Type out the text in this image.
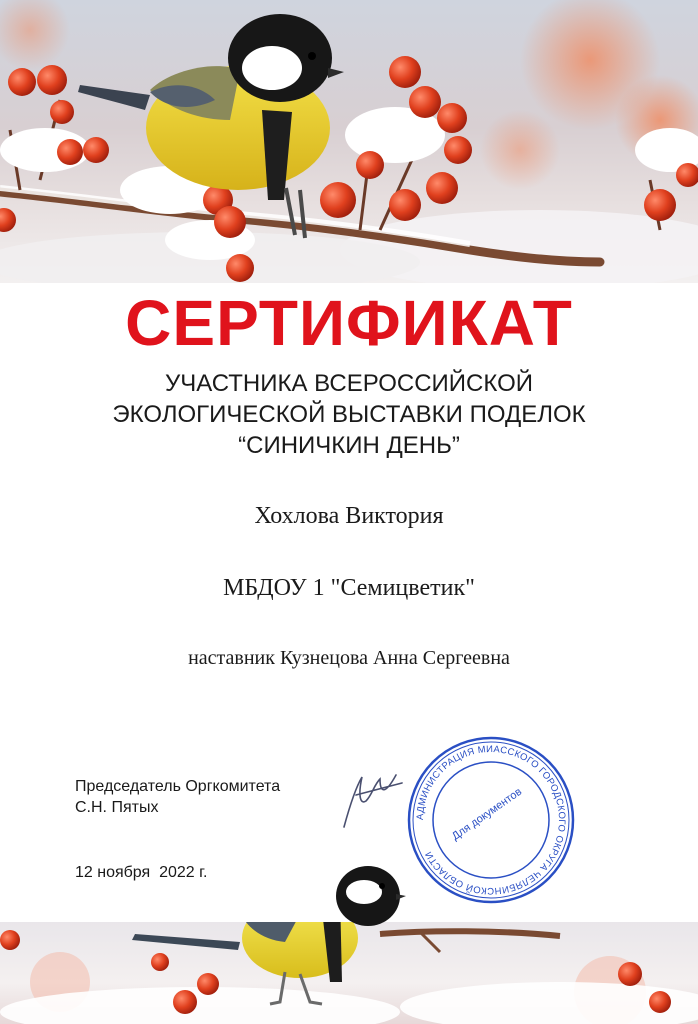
СЕРТИФИКАТ
УЧАСТНИКА ВСЕРОССИЙСКОЙ
ЭКОЛОГИЧЕСКОЙ ВЫСТАВКИ ПОДЕЛОК
“СИНИЧКИН ДЕНЬ”
Хохлова Виктория
МБДОУ 1 "Семицветик"
наставник Кузнецова Анна Сергеевна
Председатель Оргкомитета
С.Н. Пятых
12 ноября  2022 г.
АДМИНИСТРАЦИЯ МИАССКОГО ГОРОДСКОГО ОКРУГА ЧЕЛЯБИНСКОЙ ОБЛАСТИ
Для документов
